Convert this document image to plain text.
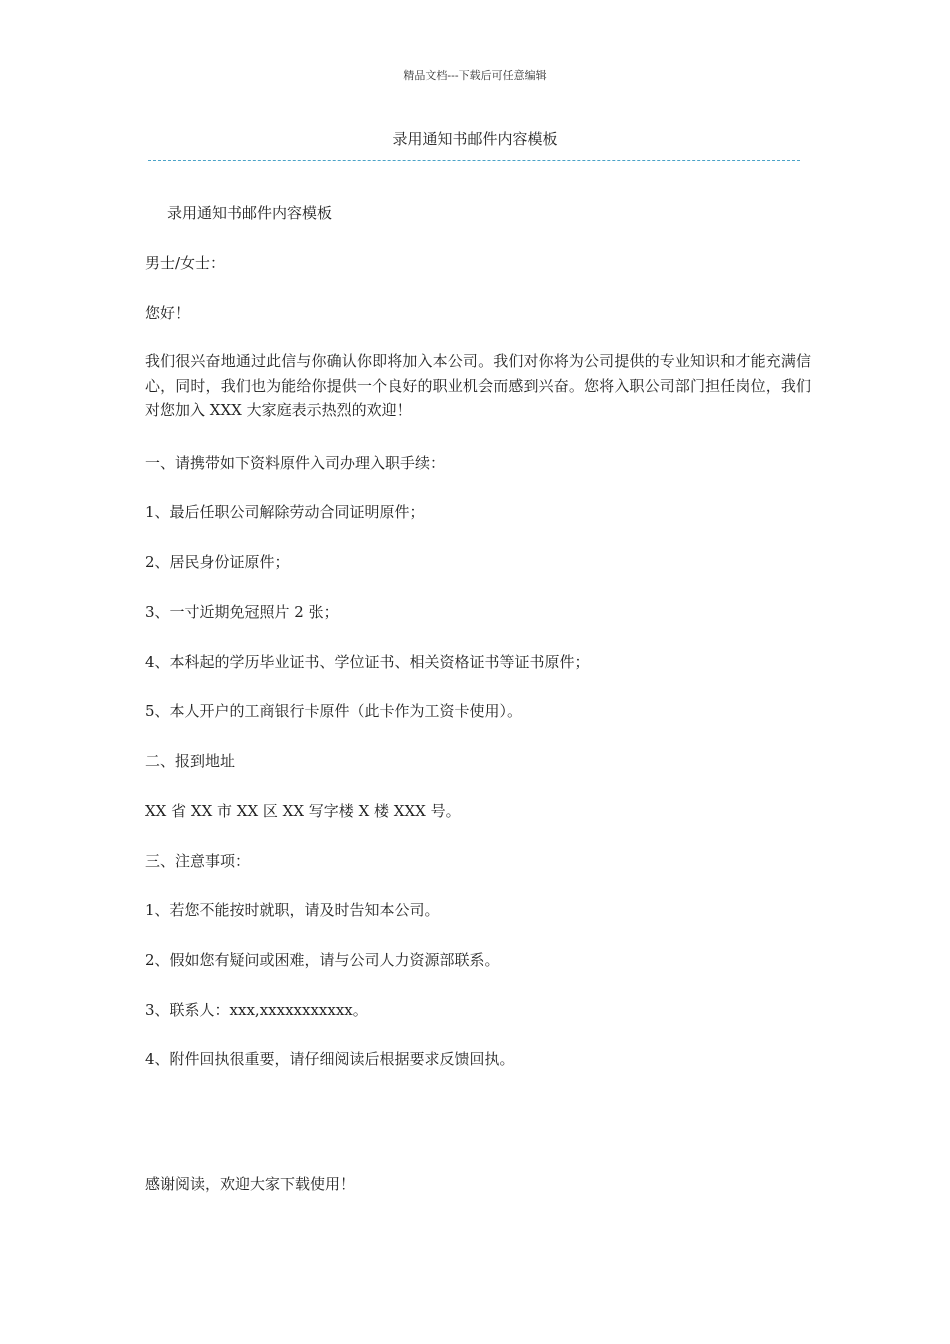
精品文档---下载后可任意编辑
录用通知书邮件内容模板
录用通知书邮件内容模板
男士/女士：
您好！
我们很兴奋地通过此信与你确认你即将加入本公司。我们对你将为公司提供的专业知识和才能充满信心，同时，我们也为能给你提供一个良好的职业机会而感到兴奋。您将入职公司部门担任岗位，我们对您加入 XXX 大家庭表示热烈的欢迎！
一、请携带如下资料原件入司办理入职手续：
1、最后任职公司解除劳动合同证明原件；
2、居民身份证原件；
3、一寸近期免冠照片 2 张；
4、本科起的学历毕业证书、学位证书、相关资格证书等证书原件；
5、本人开户的工商银行卡原件（此卡作为工资卡使用）。
二、报到地址
XX 省 XX 市 XX 区 XX 写字楼 X 楼 XXX 号。
三、注意事项：
1、若您不能按时就职，请及时告知本公司。
2、假如您有疑问或困难，请与公司人力资源部联系。
3、联系人：xxx,xxxxxxxxxxx。
4、附件回执很重要，请仔细阅读后根据要求反馈回执。
感谢阅读，欢迎大家下载使用！
